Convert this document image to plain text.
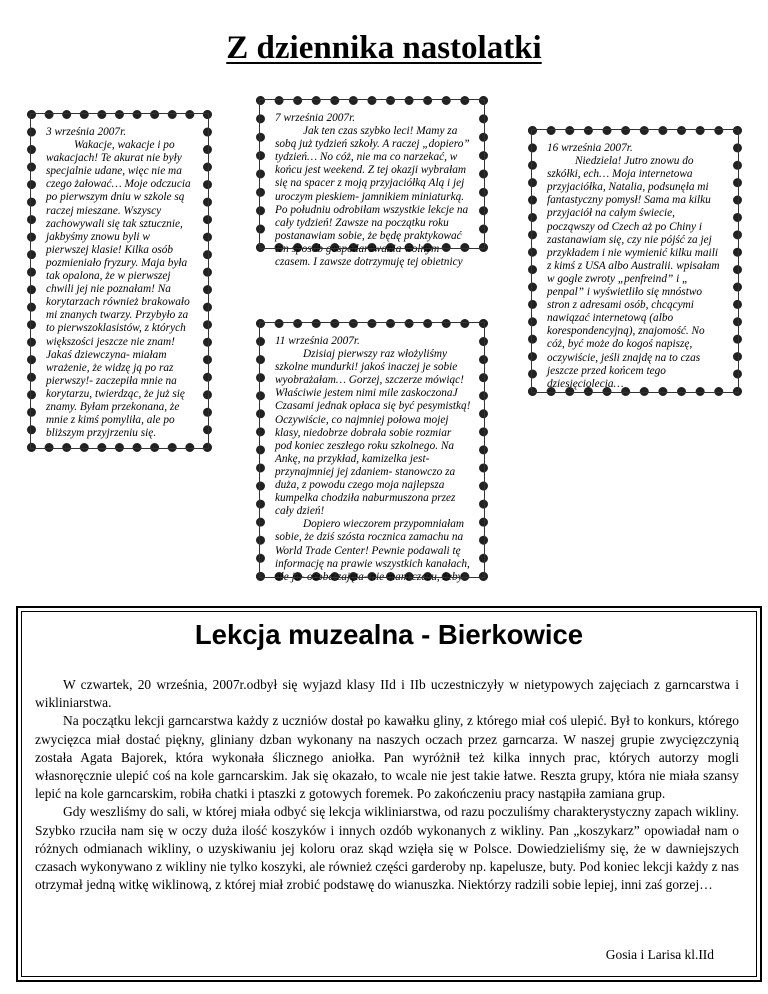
Z dziennika nastolatki

3 września 2007r.

Wakacje, wakacje i po wakacjach! Te akurat nie były specjalnie udane, więc nie ma czego żałować… Moje odczucia po pierwszym dniu w szkole są raczej mieszane. Wszyscy zachowywali się tak sztucznie, jakbyśmy znowu byli w pierwszej klasie! Kilka osób pozmieniało fryzury. Maja była tak opalona, że w pierwszej chwili jej nie poznałam! Na korytarzach również brakowało mi znanych twarzy. Przybyło za to pierwszoklasistów, z których większości jeszcze nie znam! Jakaś dziewczyna- miałam wrażenie, że widzę ją po raz pierwszy!- zaczepiła mnie na korytarzu, twierdząc, że już się znamy. Byłam przekonana, że mnie z kimś pomyliła, ale po bliższym przyjrzeniu się.

7 września 2007r.

Jak ten czas szybko leci! Mamy za sobą już tydzień szkoły. A raczej „dopiero” tydzień… No cóż, nie ma co narzekać, w końcu jest weekend. Z tej okazji wybrałam się na spacer z moją przyjaciółką Alą i jej uroczym pieskiem- jamnikiem miniaturką. Po południu odrobiłam wszystkie lekcje na cały tydzień! Zawsze na początku roku postanawiam sobie, że będę praktykować ten sposób gospodarowania wolnym czasem. I zawsze dotrzymuję tej obietnicy

11 września 2007r.

Dzisiaj pierwszy raz włożyliśmy szkolne mundurki! jakoś inaczej je sobie wyobrażałam… Gorzej, szczerze mówiąc! Właściwie jestem nimi mile zaskoczonaJ Czasami jednak opłaca się być pesymistką! Oczywiście, co najmniej połowa mojej klasy, niedobrze dobrała sobie rozmiar pod koniec zeszłego roku szkolnego. Na Ankę, na przykład, kamizelka jest- przynajmniej jej zdaniem- stanowczo za duża, z powodu czego moja najlepsza kumpelka chodziła naburmuszona przez cały dzień!

Dopiero wieczorem przypomniałam sobie, że dziś szósta rocznica zamachu na World Trade Center! Pewnie podawali tę informację na prawie wszystkich kanałach, ale ja- osoba zajęta- nie mam czasu, żeby

16 września 2007r.

Niedziela! Jutro znowu do szkółki, ech… Moja internetowa przyjaciółka, Natalia, podsunęła mi fantastyczny pomysł! Sama ma kilku przyjaciół na całym świecie, począwszy od Czech aż po Chiny i zastanawiam się, czy nie pójść za jej przykładem i nie wymienić kilku maili z kimś z USA albo Australii. wpisałam w gogle zwroty „penfreind” i „ penpal” i wyświetliło się mnóstwo stron z adresami osób, chcącymi nawiązać internetową (albo korespondencyjną), znajomość. No cóż, być może do kogoś napiszę, oczywiście, jeśli znajdę na to czas jeszcze przed końcem tego dziesięciolecia…

Lekcja muzealna - Bierkowice

W czwartek, 20 września, 2007r.odbył się wyjazd klasy IId i IIb uczestniczyły w nietypowych zajęciach z garncarstwa i wikliniarstwa.

Na początku lekcji garncarstwa każdy z uczniów dostał po kawałku gliny, z którego miał coś ulepić. Był to konkurs, którego zwycięzca miał dostać piękny, gliniany dzban wykonany na naszych oczach przez garncarza. W naszej grupie zwycięzczynią została Agata Bajorek, która wykonała ślicznego aniołka. Pan wyróżnił też kilka innych prac, których autorzy mogli własnoręcznie ulepić coś na kole garncarskim. Jak się okazało, to wcale nie jest takie łatwe. Reszta grupy, która nie miała szansy lepić na kole garncarskim, robiła chatki i ptaszki z gotowych foremek. Po zakończeniu pracy nastąpiła zamiana grup.

Gdy weszliśmy do sali, w której miała odbyć się lekcja wikliniarstwa, od razu poczuliśmy charakterystyczny zapach wikliny. Szybko rzuciła nam się w oczy duża ilość koszyków i innych ozdób wykonanych z wikliny. Pan „koszykarz” opowiadał nam o różnych odmianach wikliny, o uzyskiwaniu jej koloru oraz skąd wzięła się w Polsce. Dowiedzieliśmy się, że w dawniejszych czasach wykonywano z wikliny nie tylko koszyki, ale również części garderoby np. kapelusze, buty. Pod koniec lekcji każdy z nas otrzymał jedną witkę wiklinową, z której miał zrobić podstawę do wianuszka. Niektórzy radzili sobie lepiej, inni zaś gorzej…

Gosia i Larisa kl.IId
